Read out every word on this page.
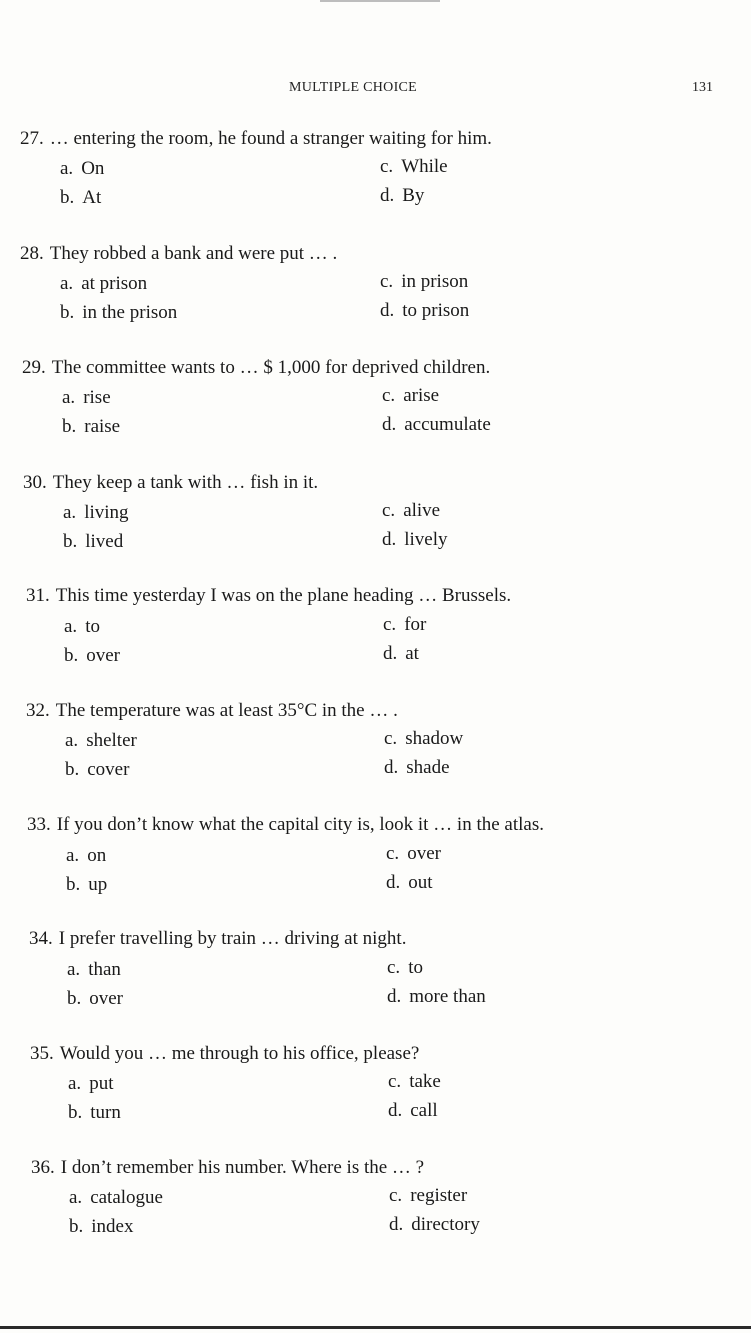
MULTIPLE CHOICE	131
27. … entering the room, he found a stranger waiting for him.
a. On
b. At
c. While
d. By
28. They robbed a bank and were put … .
a. at prison
b. in the prison
c. in prison
d. to prison
29. The committee wants to … $ 1,000 for deprived children.
a. rise
b. raise
c. arise
d. accumulate
30. They keep a tank with … fish in it.
a. living
b. lived
c. alive
d. lively
31. This time yesterday I was on the plane heading … Brussels.
a. to
b. over
c. for
d. at
32. The temperature was at least 35°C in the … .
a. shelter
b. cover
c. shadow
d. shade
33. If you don’t know what the capital city is, look it … in the atlas.
a. on
b. up
c. over
d. out
34. I prefer travelling by train … driving at night.
a. than
b. over
c. to
d. more than
35. Would you … me through to his office, please?
a. put
b. turn
c. take
d. call
36. I don’t remember his number. Where is the … ?
a. catalogue
b. index
c. register
d. directory
